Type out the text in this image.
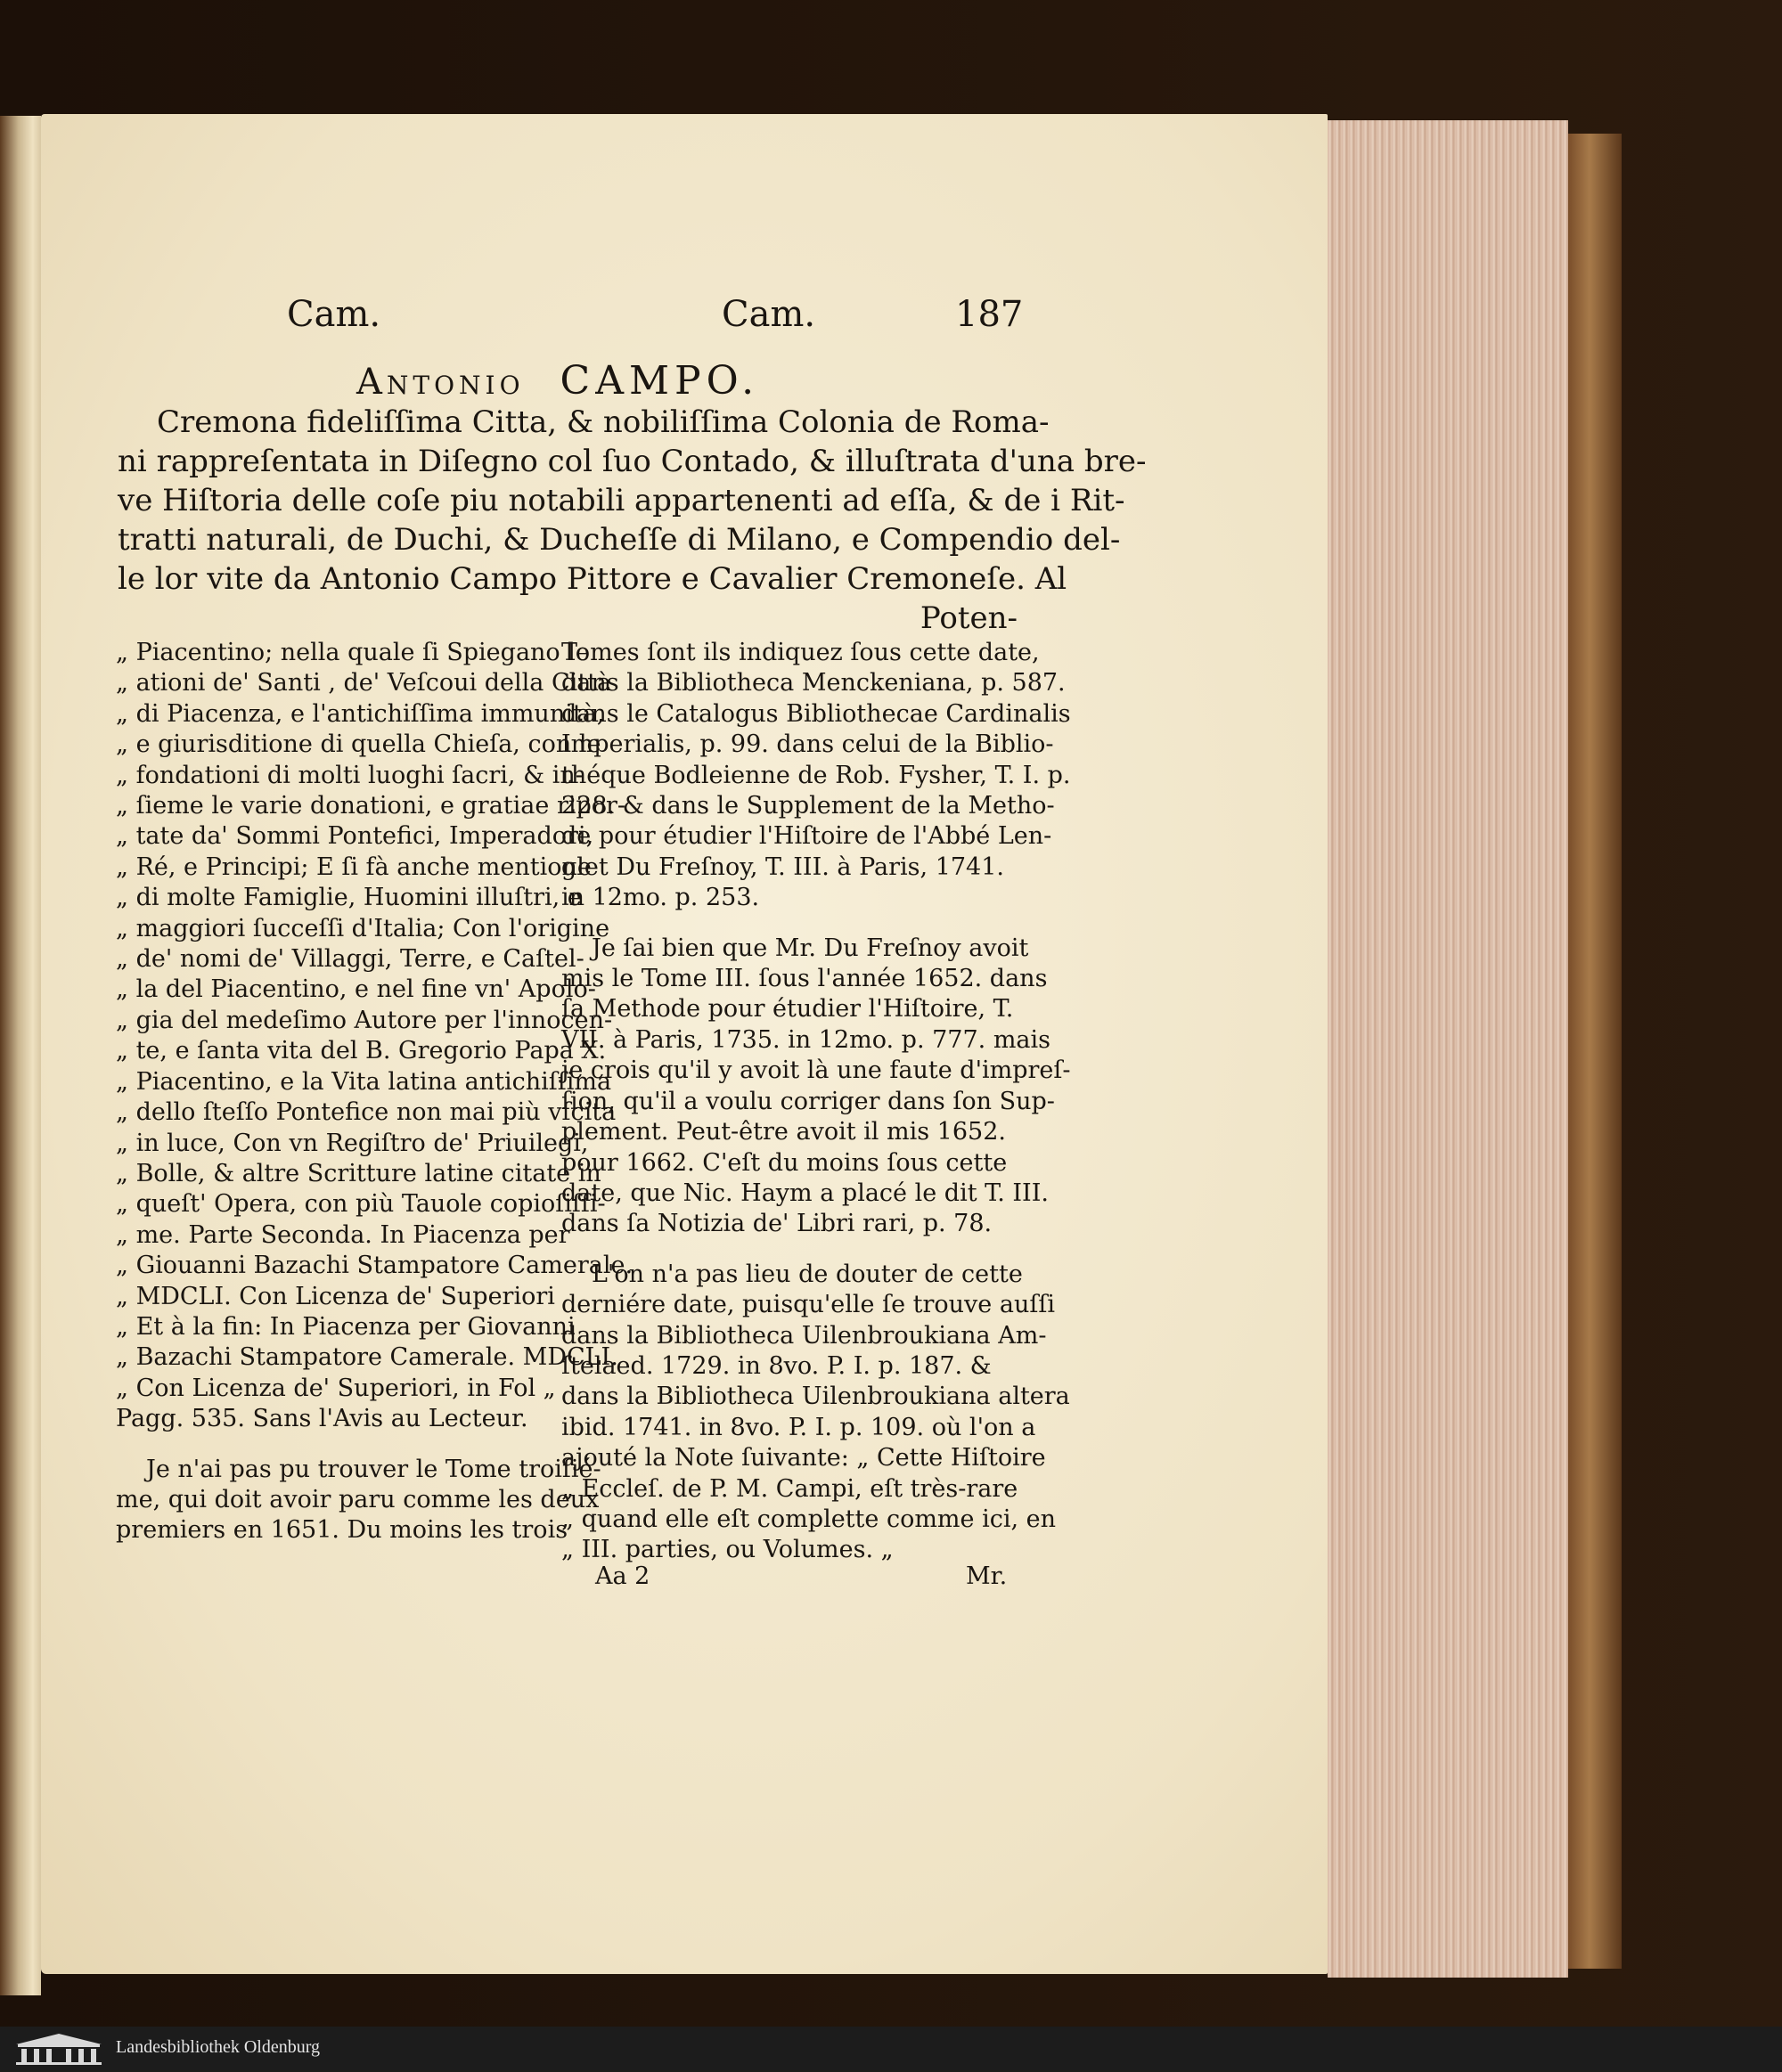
Cam.	Cam.	187
Antonio CAMPO.
Cremona fideliſſima Citta, & nobiliſſima Colonia de Roma-
ni rappreſentata in Diſegno col ſuo Contado, & illuſtrata d'una bre-
ve Hiſtoria delle coſe piu notabili appartenenti ad eſſa, & de i Rit-
tratti naturali, de Duchi, & Ducheſſe di Milano, e Compendio del-
le lor vite da Antonio Campo Pittore e Cavalier Cremoneſe. Al
Poten-
„ Piacentino; nella quale ſi Spiegano le
„ ationi de' Santi , de' Veſcoui della Città
„ di Piacenza, e l'antichiſſima immunità,
„ e giurisditione di quella Chieſa, con le
„ fondationi di molti luoghi ſacri, & in-
„ ſieme le varie donationi, e gratiae ripor-
„ tate da' Sommi Pontefici, Imperadori,
„ Ré, e Principi; E ſi fà anche mentione
„ di molte Famiglie, Huomini illuſtri, e
„ maggiori ſucceſſi d'Italia; Con l'origine
„ de' nomi de' Villaggi, Terre, e Caſtel-
„ la del Piacentino, e nel fine vn' Apolo-
„ gia del medeſimo Autore per l'innocen-
„ te, e ſanta vita del B. Gregorio Papa X.
„ Piacentino, e la Vita latina antichiſſima
„ dello ſteſſo Pontefice non mai più vſcita
„ in luce, Con vn Regiſtro de' Priuilegi,
„ Bolle, & altre Scritture latine citate in
„ queſt' Opera, con più Tauole copioſiſſi-
„ me. Parte Seconda. In Piacenza per
„ Giouanni Bazachi Stampatore Camerale.
„ MDCLI. Con Licenza de' Superiori
„ Et à la fin: In Piacenza per Giovanni
„ Bazachi Stampatore Camerale. MDCLI.
„ Con Licenza de' Superiori, in Fol „
Pagg. 535. Sans l'Avis au Lecteur.
Je n'ai pas pu trouver le Tome troiſié-
me, qui doit avoir paru comme les deux
premiers en 1651. Du moins les trois
Tomes ſont ils indiquez ſous cette date,
dans la Bibliotheca Menckeniana, p. 587.
dans le Catalogus Bibliothecae Cardinalis
Imperialis, p. 99. dans celui de la Biblio-
théque Bodleienne de Rob. Fysher, T. I. p.
228. & dans le Supplement de la Metho-
de pour étudier l'Hiſtoire de l'Abbé Len-
glet Du Freſnoy, T. III. à Paris, 1741.
in 12mo. p. 253.
Je ſai bien que Mr. Du Freſnoy avoit
mis le Tome III. ſous l'année 1652. dans
ſa Methode pour étudier l'Hiſtoire, T.
VII. à Paris, 1735. in 12mo. p. 777. mais
je crois qu'il y avoit là une faute d'impreſ-
ſion, qu'il a voulu corriger dans ſon Sup-
plement. Peut-être avoit il mis 1652.
pour 1662. C'eſt du moins ſous cette
date, que Nic. Haym a placé le dit T. III.
dans ſa Notizia de' Libri rari, p. 78.
L'on n'a pas lieu de douter de cette
derniére date, puisqu'elle ſe trouve auſſi
dans la Bibliotheca Uilenbroukiana Am-
ſtelaed. 1729. in 8vo. P. I. p. 187. &
dans la Bibliotheca Uilenbroukiana altera
ibid. 1741. in 8vo. P. I. p. 109. où l'on a
ajouté la Note ſuivante: „ Cette Hiſtoire
„ Eccleſ. de P. M. Campi, eſt très-rare
„ quand elle eſt complette comme ici, en
„ III. parties, ou Volumes. „
Aa 2	Mr.
Landesbibliothek Oldenburg
